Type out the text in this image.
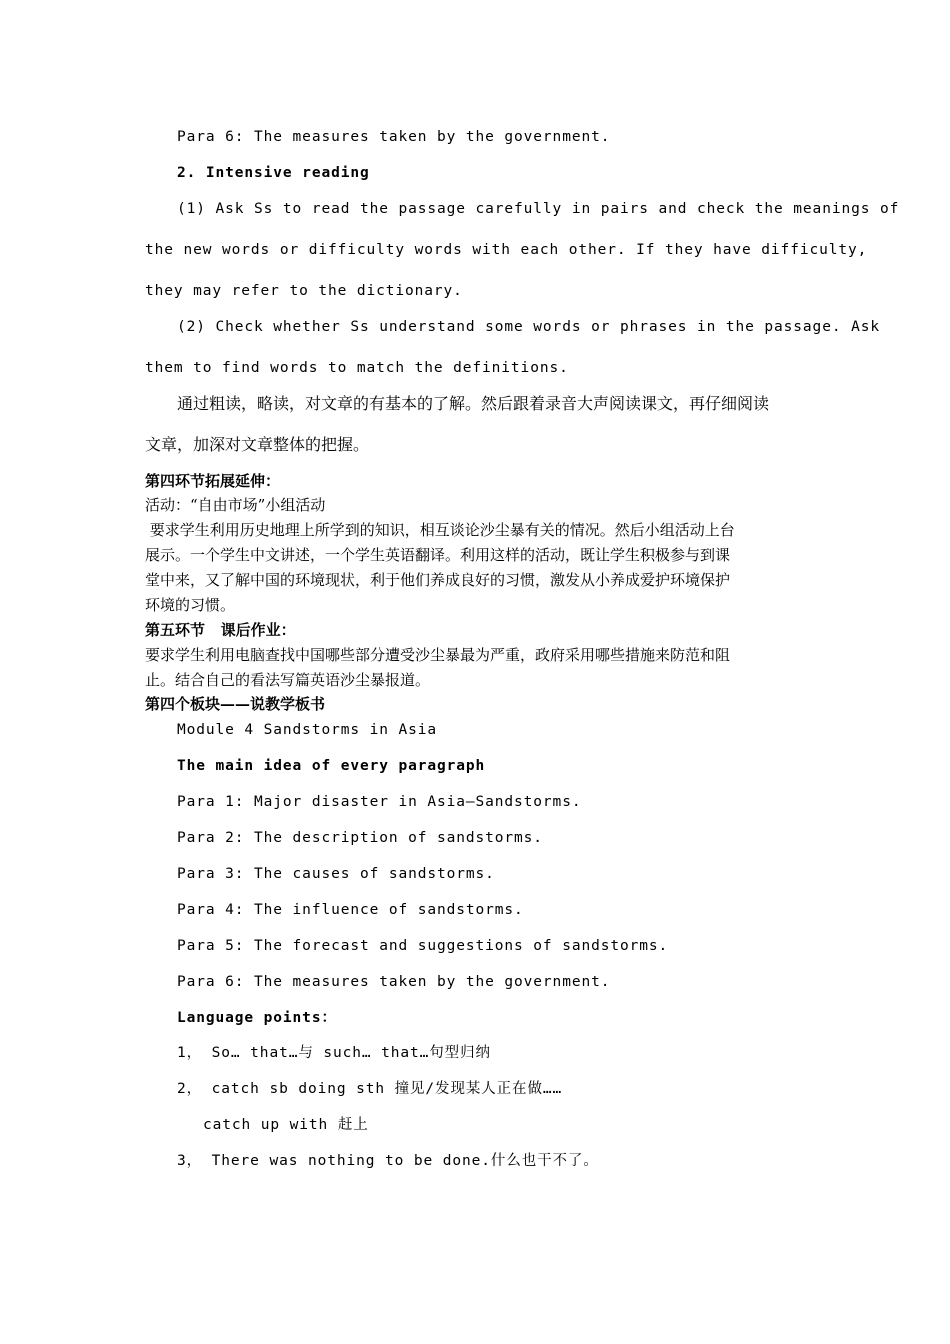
Para 6: The measures taken by the government.
2. Intensive reading
(1) Ask Ss to read the passage carefully in pairs and check the meanings of
the new words or difficulty words with each other. If they have difficulty,
they may refer to the dictionary.
(2) Check whether Ss understand some words or phrases in the passage. Ask
them to find words to match the definitions.
通过粗读，略读，对文章的有基本的了解。然后跟着录音大声阅读课文，再仔细阅读
文章，加深对文章整体的把握。
第四环节拓展延伸：
活动：“自由市场”小组活动
要求学生利用历史地理上所学到的知识，相互谈论沙尘暴有关的情况。然后小组活动上台
展示。一个学生中文讲述，一个学生英语翻译。利用这样的活动，既让学生积极参与到课
堂中来，又了解中国的环境现状，利于他们养成良好的习惯，激发从小养成爱护环境保护
环境的习惯。
第五环节   课后作业：
要求学生利用电脑查找中国哪些部分遭受沙尘暴最为严重，政府采用哪些措施来防范和阻
止。结合自己的看法写篇英语沙尘暴报道。
第四个板块——说教学板书
Module 4 Sandstorms in Asia
The main idea of every paragraph
Para 1: Major disaster in Asia—Sandstorms.
Para 2: The description of sandstorms.
Para 3: The causes of sandstorms.
Para 4: The influence of sandstorms.
Para 5: The forecast and suggestions of sandstorms.
Para 6: The measures taken by the government.
Language points：
1， So… that…与 such… that…句型归纳
2， catch sb doing sth 撞见/发现某人正在做……
catch up with 赶上
3， There was nothing to be done.什么也干不了。
